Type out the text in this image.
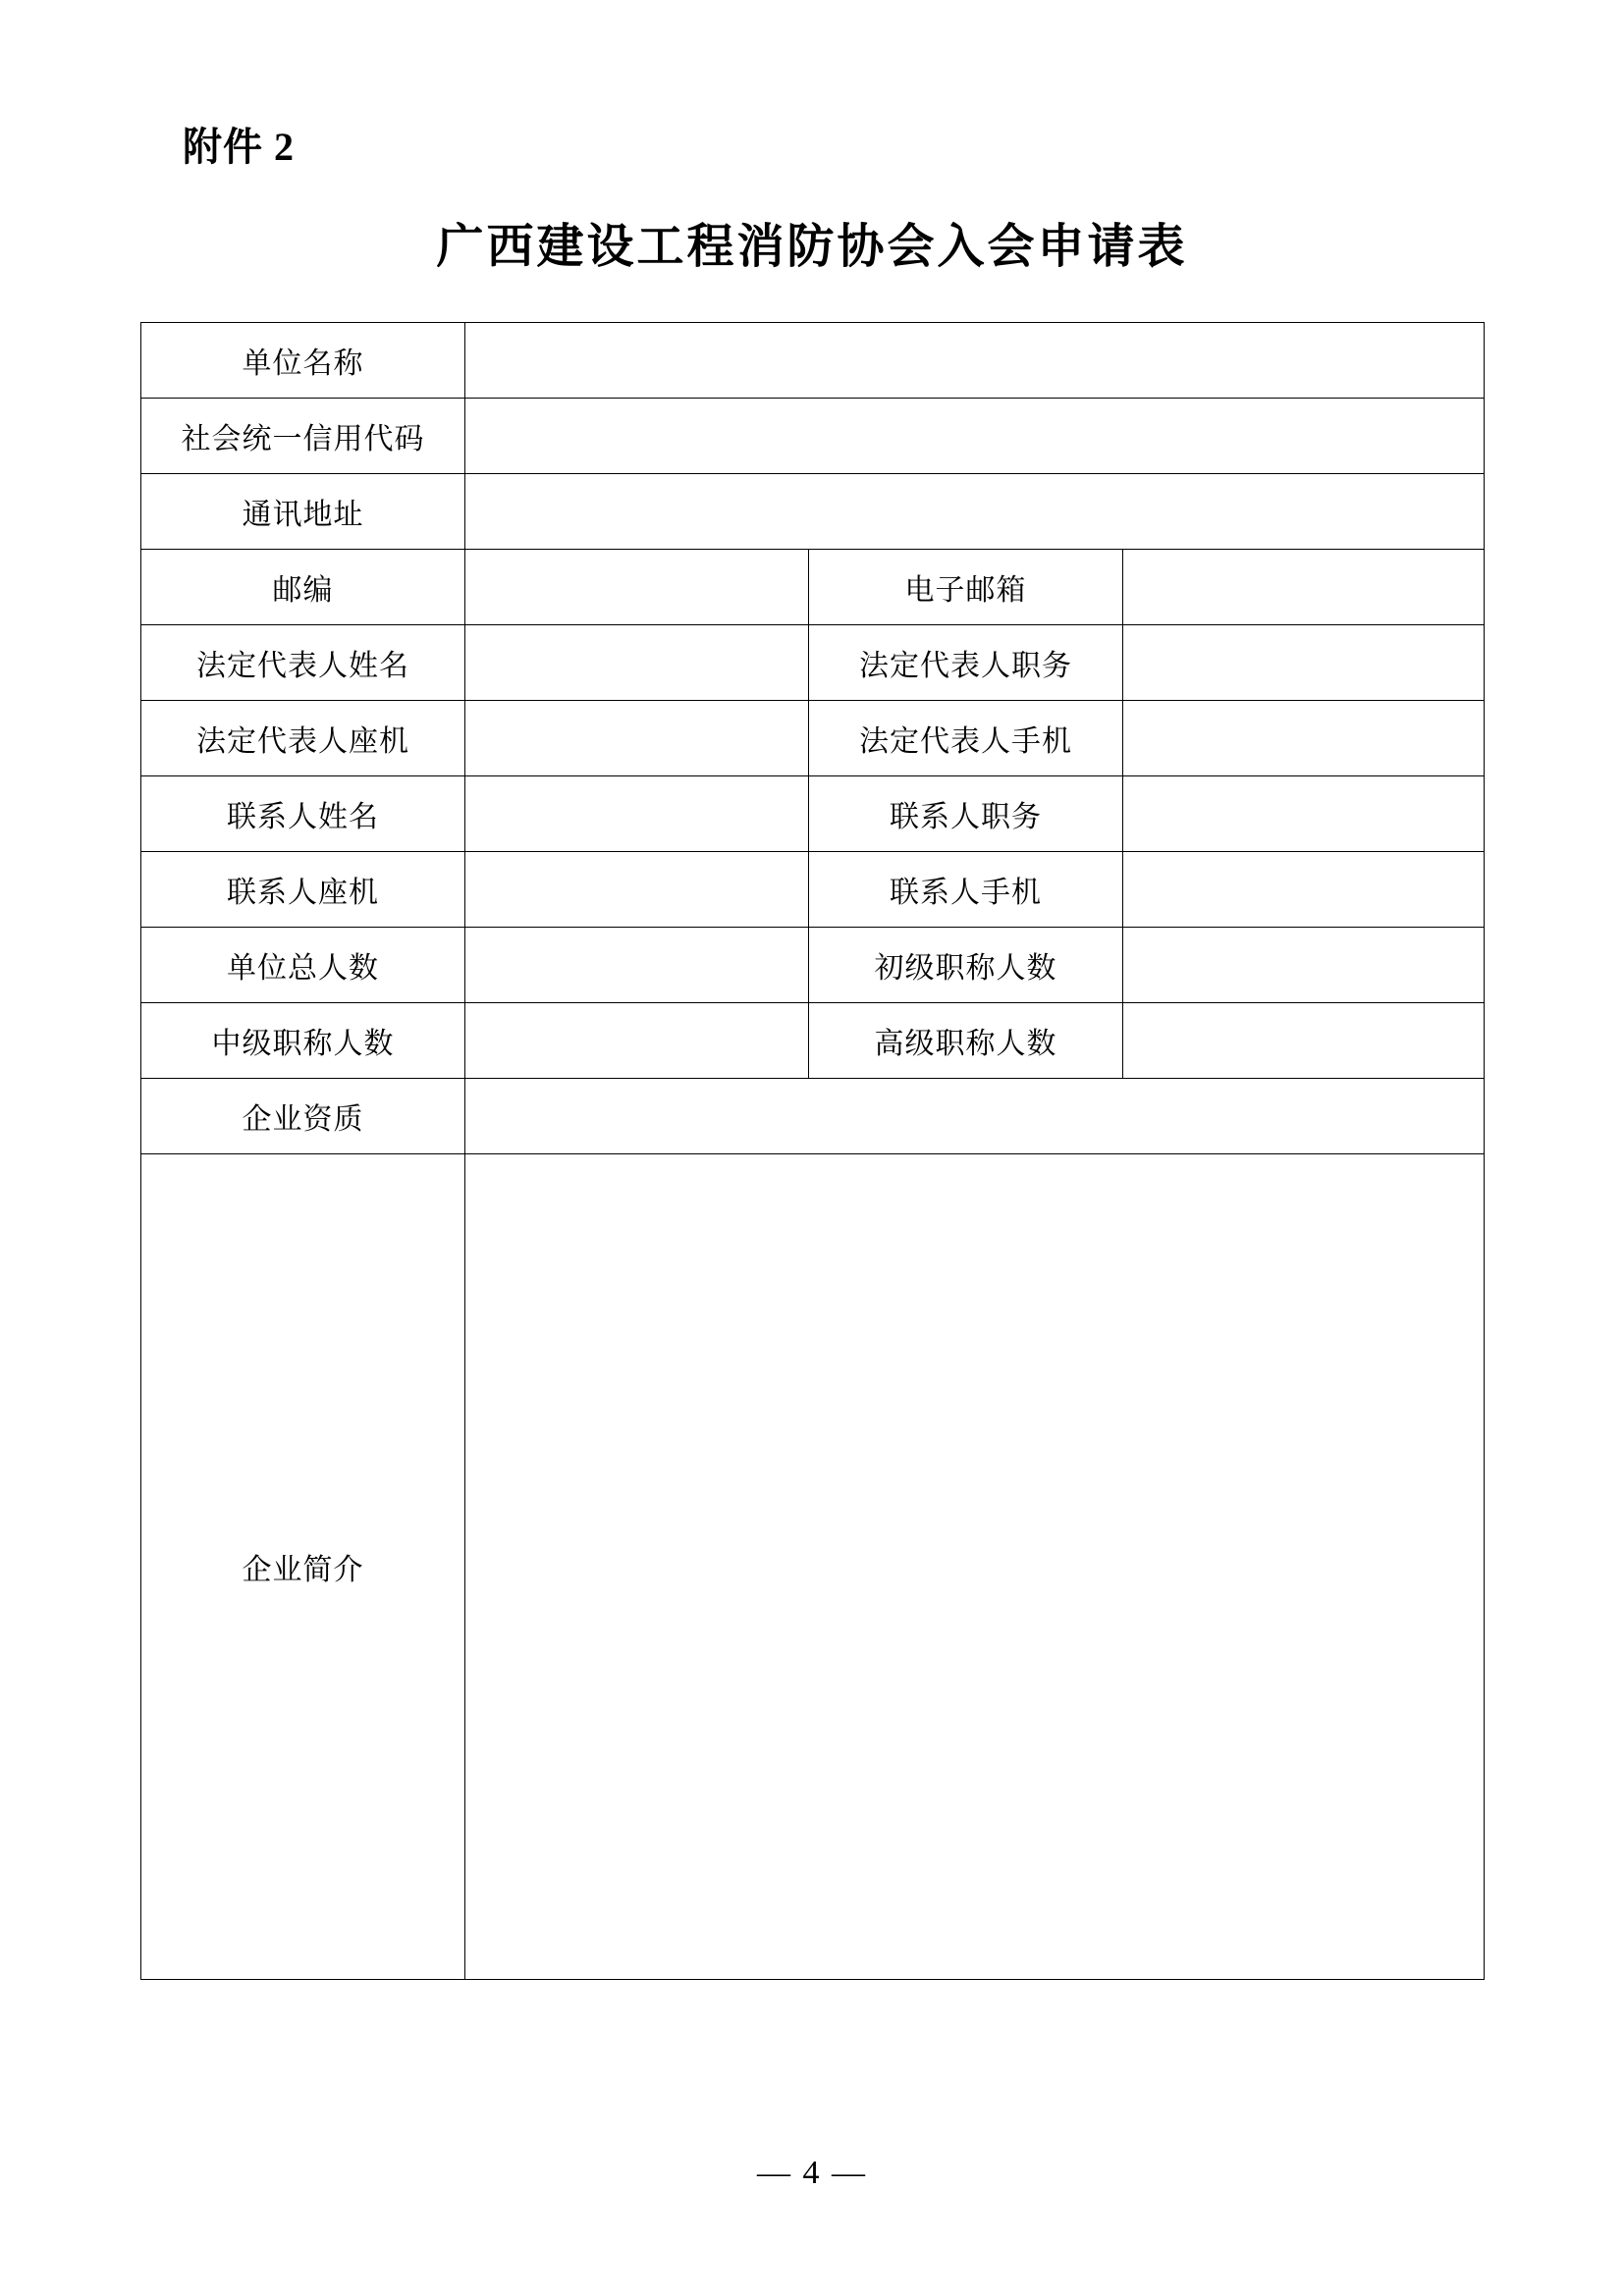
附件 2
广西建设工程消防协会入会申请表
单位名称			
社会统一信用代码			
通讯地址			
邮编		电子邮箱	
法定代表人姓名		法定代表人职务	
法定代表人座机		法定代表人手机	
联系人姓名		联系人职务	
联系人座机		联系人手机	
单位总人数		初级职称人数	
中级职称人数		高级职称人数	
企业资质			
企业简介			
— 4 —
